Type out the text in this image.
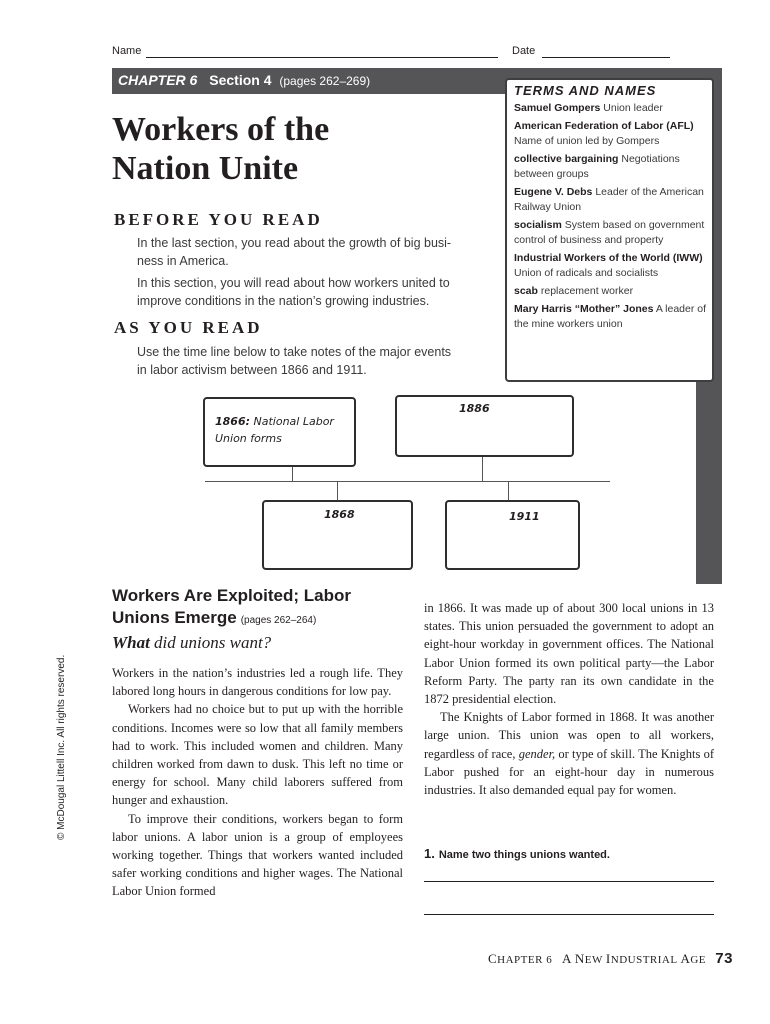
Name	Date
CHAPTER 6 Section 4 (pages 262–269)
Workers of the
Nation Unite
BEFORE YOU READ
In the last section, you read about the growth of big busi-
ness in America.
In this section, you will read about how workers united to
improve conditions in the nation’s growing industries.
AS YOU READ
Use the time line below to take notes of the major events
in labor activism between 1866 and 1911.
TERMS AND NAMES
Samuel Gompers Union leader
American Federation of Labor (AFL) Name of union led by Gompers
collective bargaining Negotiations between groups
Eugene V. Debs Leader of the American Railway Union
socialism System based on government control of business and property
Industrial Workers of the World (IWW) Union of radicals and socialists
scab replacement worker
Mary Harris “Mother” Jones A leader of the mine workers union
1866: National Labor
Union forms
1886
1868	1911
Workers Are Exploited; Labor
Unions Emerge (pages 262–264)
What did unions want?

Workers in the nation’s industries led a rough life. They labored long hours in dangerous conditions for low pay.

Workers had no choice but to put up with the horrible conditions. Incomes were so low that all family members had to work. This included women and children. Many children worked from dawn to dusk. This left no time or energy for school. Many child laborers suffered from hunger and exhaustion.

To improve their conditions, workers began to form labor unions. A labor union is a group of employees working together. Things that workers wanted included safer working conditions and higher wages. The National Labor Union formed

in 1866. It was made up of about 300 local unions in 13 states. This union persuaded the government to adopt an eight-hour workday in government offices. The National Labor Union formed its own political party—the Labor Reform Party. The party ran its own candidate in the 1872 presidential election.

The Knights of Labor formed in 1868. It was another large union. This union was open to all workers, regardless of race, gender, or type of skill. The Knights of Labor pushed for an eight-hour day in numerous industries. It also demanded equal pay for women.

1. Name two things unions wanted.
© McDougal Littell Inc. All rights reserved.
CHAPTER 6 A NEW INDUSTRIAL AGE 73
